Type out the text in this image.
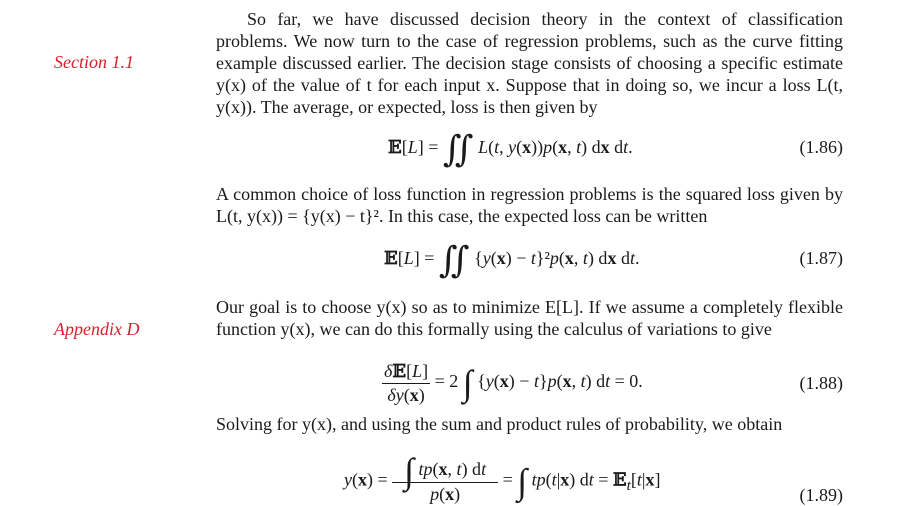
Section 1.1
Appendix D

So far, we have discussed decision theory in the context of classification problems. We now turn to the case of regression problems, such as the curve fitting example discussed earlier. The decision stage consists of choosing a specific estimate y(x) of the value of t for each input x. Suppose that in doing so, we incur a loss L(t, y(x)). The average, or expected, loss is then given by

𝔼[L] = ∬ L(t, y(x))p(x, t) dx dt.	(1.86)

A common choice of loss function in regression problems is the squared loss given by L(t, y(x)) = {y(x) − t}². In this case, the expected loss can be written

𝔼[L] = ∬ {y(x) − t}²p(x, t) dx dt.	(1.87)

Our goal is to choose y(x) so as to minimize E[L]. If we assume a completely flexible function y(x), we can do this formally using the calculus of variations to give

$\frac{\text{δ𝔼[L]}}{\delta y(x)} = 2$ ∫ {y(x) − t}p(x, t) dt = 0.	(1.88)

Solving for y(x), and using the sum and product rules of probability, we obtain

$y(x) = \frac{\int tp(x, t) dt}{p(x)}$ = ∫ tp(t|x) dt = 𝔼$_t$[t|x]
(1.89)
